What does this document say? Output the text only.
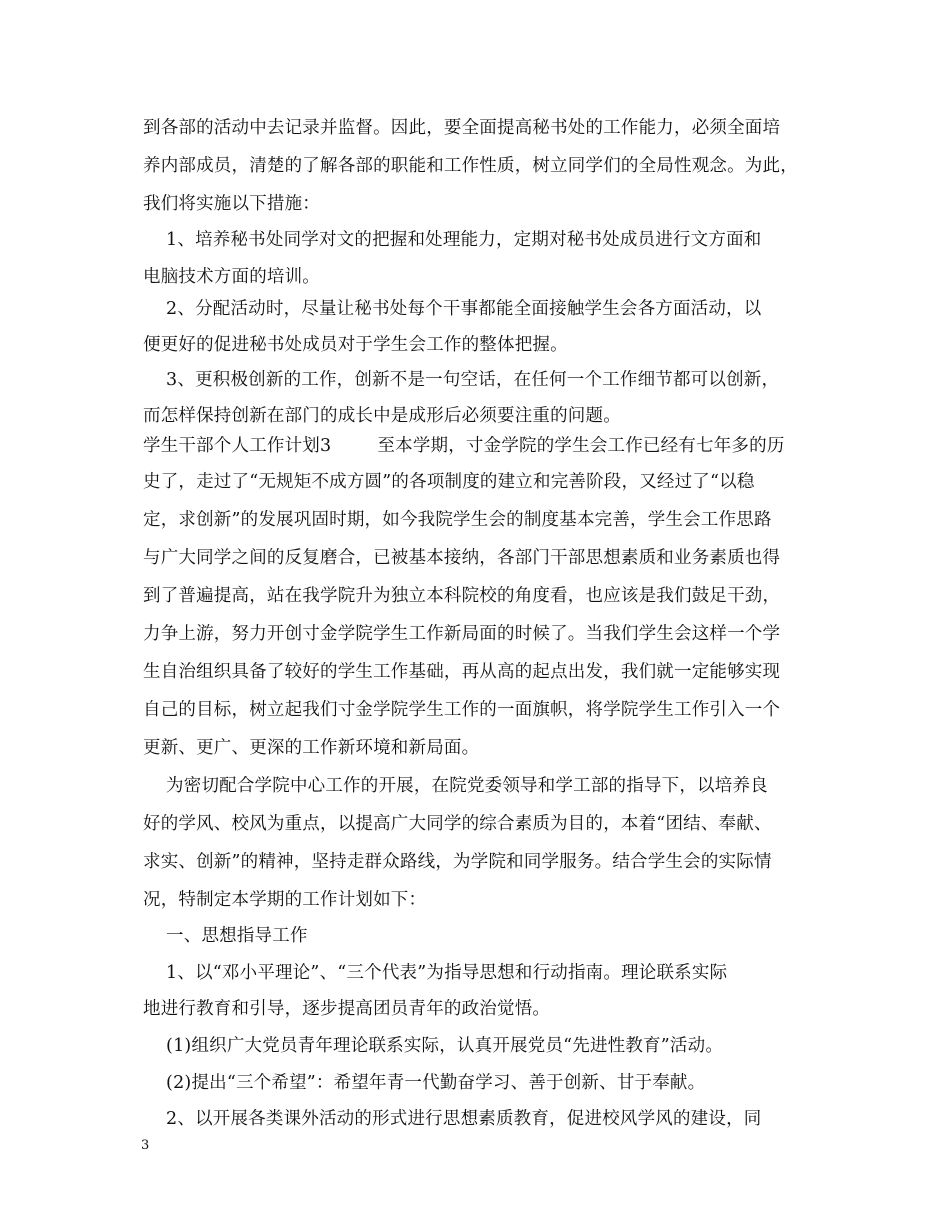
到各部的活动中去记录并监督。因此，要全面提高秘书处的工作能力，必须全面培
养内部成员，清楚的了解各部的职能和工作性质，树立同学们的全局性观念。为此，
我们将实施以下措施：
1、培养秘书处同学对文的把握和处理能力，定期对秘书处成员进行文方面和
电脑技术方面的培训。
2、分配活动时，尽量让秘书处每个干事都能全面接触学生会各方面活动，以
便更好的促进秘书处成员对于学生会工作的整体把握。
3、更积极创新的工作，创新不是一句空话，在任何一个工作细节都可以创新，
而怎样保持创新在部门的成长中是成形后必须要注重的问题。
学生干部个人工作计划3        至本学期，寸金学院的学生会工作已经有七年多的历
史了，走过了“无规矩不成方圆”的各项制度的建立和完善阶段，又经过了“以稳
定，求创新”的发展巩固时期，如今我院学生会的制度基本完善，学生会工作思路
与广大同学之间的反复磨合，已被基本接纳，各部门干部思想素质和业务素质也得
到了普遍提高，站在我学院升为独立本科院校的角度看，也应该是我们鼓足干劲，
力争上游，努力开创寸金学院学生工作新局面的时候了。当我们学生会这样一个学
生自治组织具备了较好的学生工作基础，再从高的起点出发，我们就一定能够实现
自己的目标，树立起我们寸金学院学生工作的一面旗帜，将学院学生工作引入一个
更新、更广、更深的工作新环境和新局面。
为密切配合学院中心工作的开展，在院党委领导和学工部的指导下，以培养良
好的学风、校风为重点，以提高广大同学的综合素质为目的，本着“团结、奉献、
求实、创新”的精神，坚持走群众路线，为学院和同学服务。结合学生会的实际情
况，特制定本学期的工作计划如下：
一、思想指导工作
1、以“邓小平理论”、“三个代表”为指导思想和行动指南。理论联系实际
地进行教育和引导，逐步提高团员青年的政治觉悟。
(1)组织广大党员青年理论联系实际，认真开展党员“先进性教育”活动。
(2)提出“三个希望”：希望年青一代勤奋学习、善于创新、甘于奉献。
2、以开展各类课外活动的形式进行思想素质教育，促进校风学风的建设，同
3
